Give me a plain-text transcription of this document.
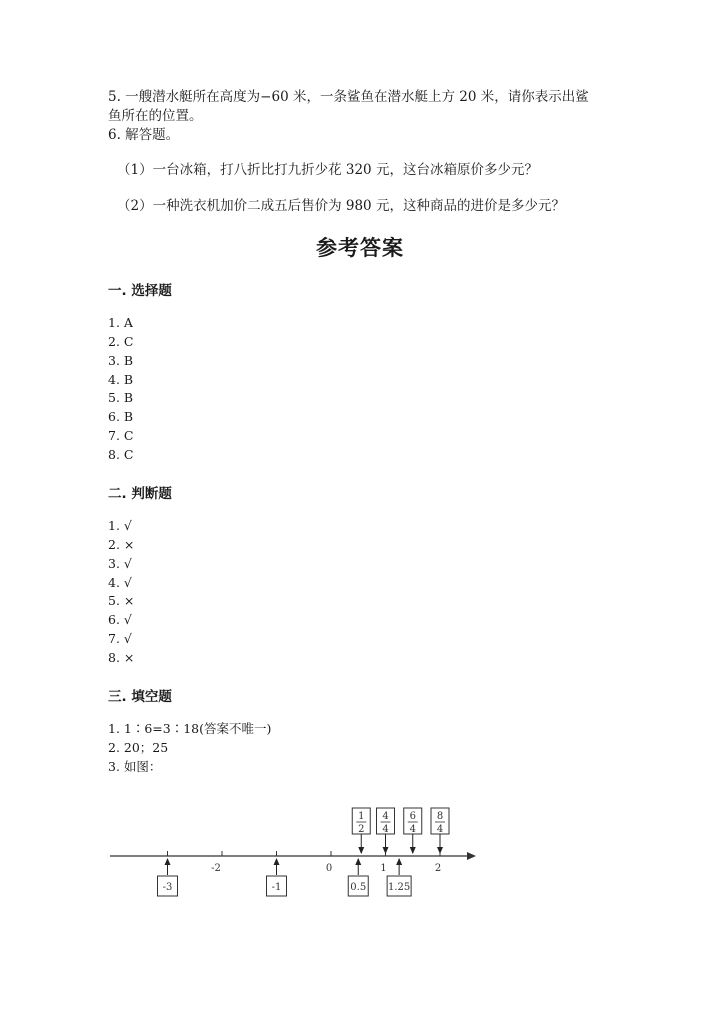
5. 一艘潜水艇所在高度为−60 米，一条鲨鱼在潜水艇上方 20 米，请你表示出鲨
鱼所在的位置。
6. 解答题。
（1）一台冰箱，打八折比打九折少花 320 元，这台冰箱原价多少元？
（2）一种洗衣机加价二成五后售价为 980 元，这种商品的进价是多少元？
参考答案
一. 选择题
1. A
2. C
3. B
4. B
5. B
6. B
7. C
8. C
二. 判断题
1. √
2. ×
3. √
4. √
5. ×
6. √
7. √
8. ×
三. 填空题
1. 1∶6=3∶18(答案不唯一)
2. 20；25
3. 如图：
-2	0	1	2
-3	-1	0.5 1.25
1
2
4
4
6
4
8
4
